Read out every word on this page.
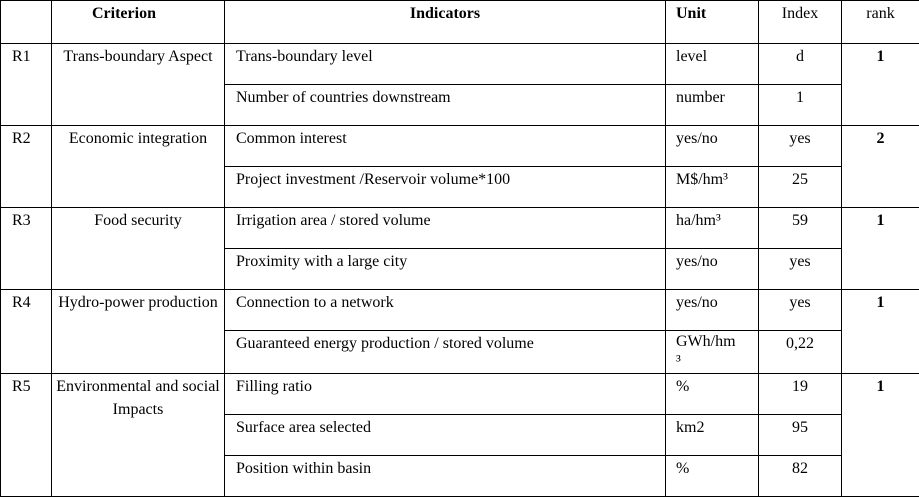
	Criterion	Indicators	Unit	Index	rank
R1	Trans-boundary Aspect	Trans-boundary level	level	d	1
		Number of countries downstream	number	1	
R2	Economic integration	Common interest	yes/no	yes	2
		Project investment /Reservoir volume*100	M$/hm³	25	
R3	Food security	Irrigation area / stored volume	ha/hm³	59	1
		Proximity with a large city	yes/no	yes	
R4	Hydro-power production	Connection to a network	yes/no	yes	1
		Guaranteed energy production / stored volume	GWh/hm³	0,22	
R5	Environmental and social Impacts	Filling ratio	%	19	1
		Surface area selected	km2	95	
		Position within basin	%	82	
